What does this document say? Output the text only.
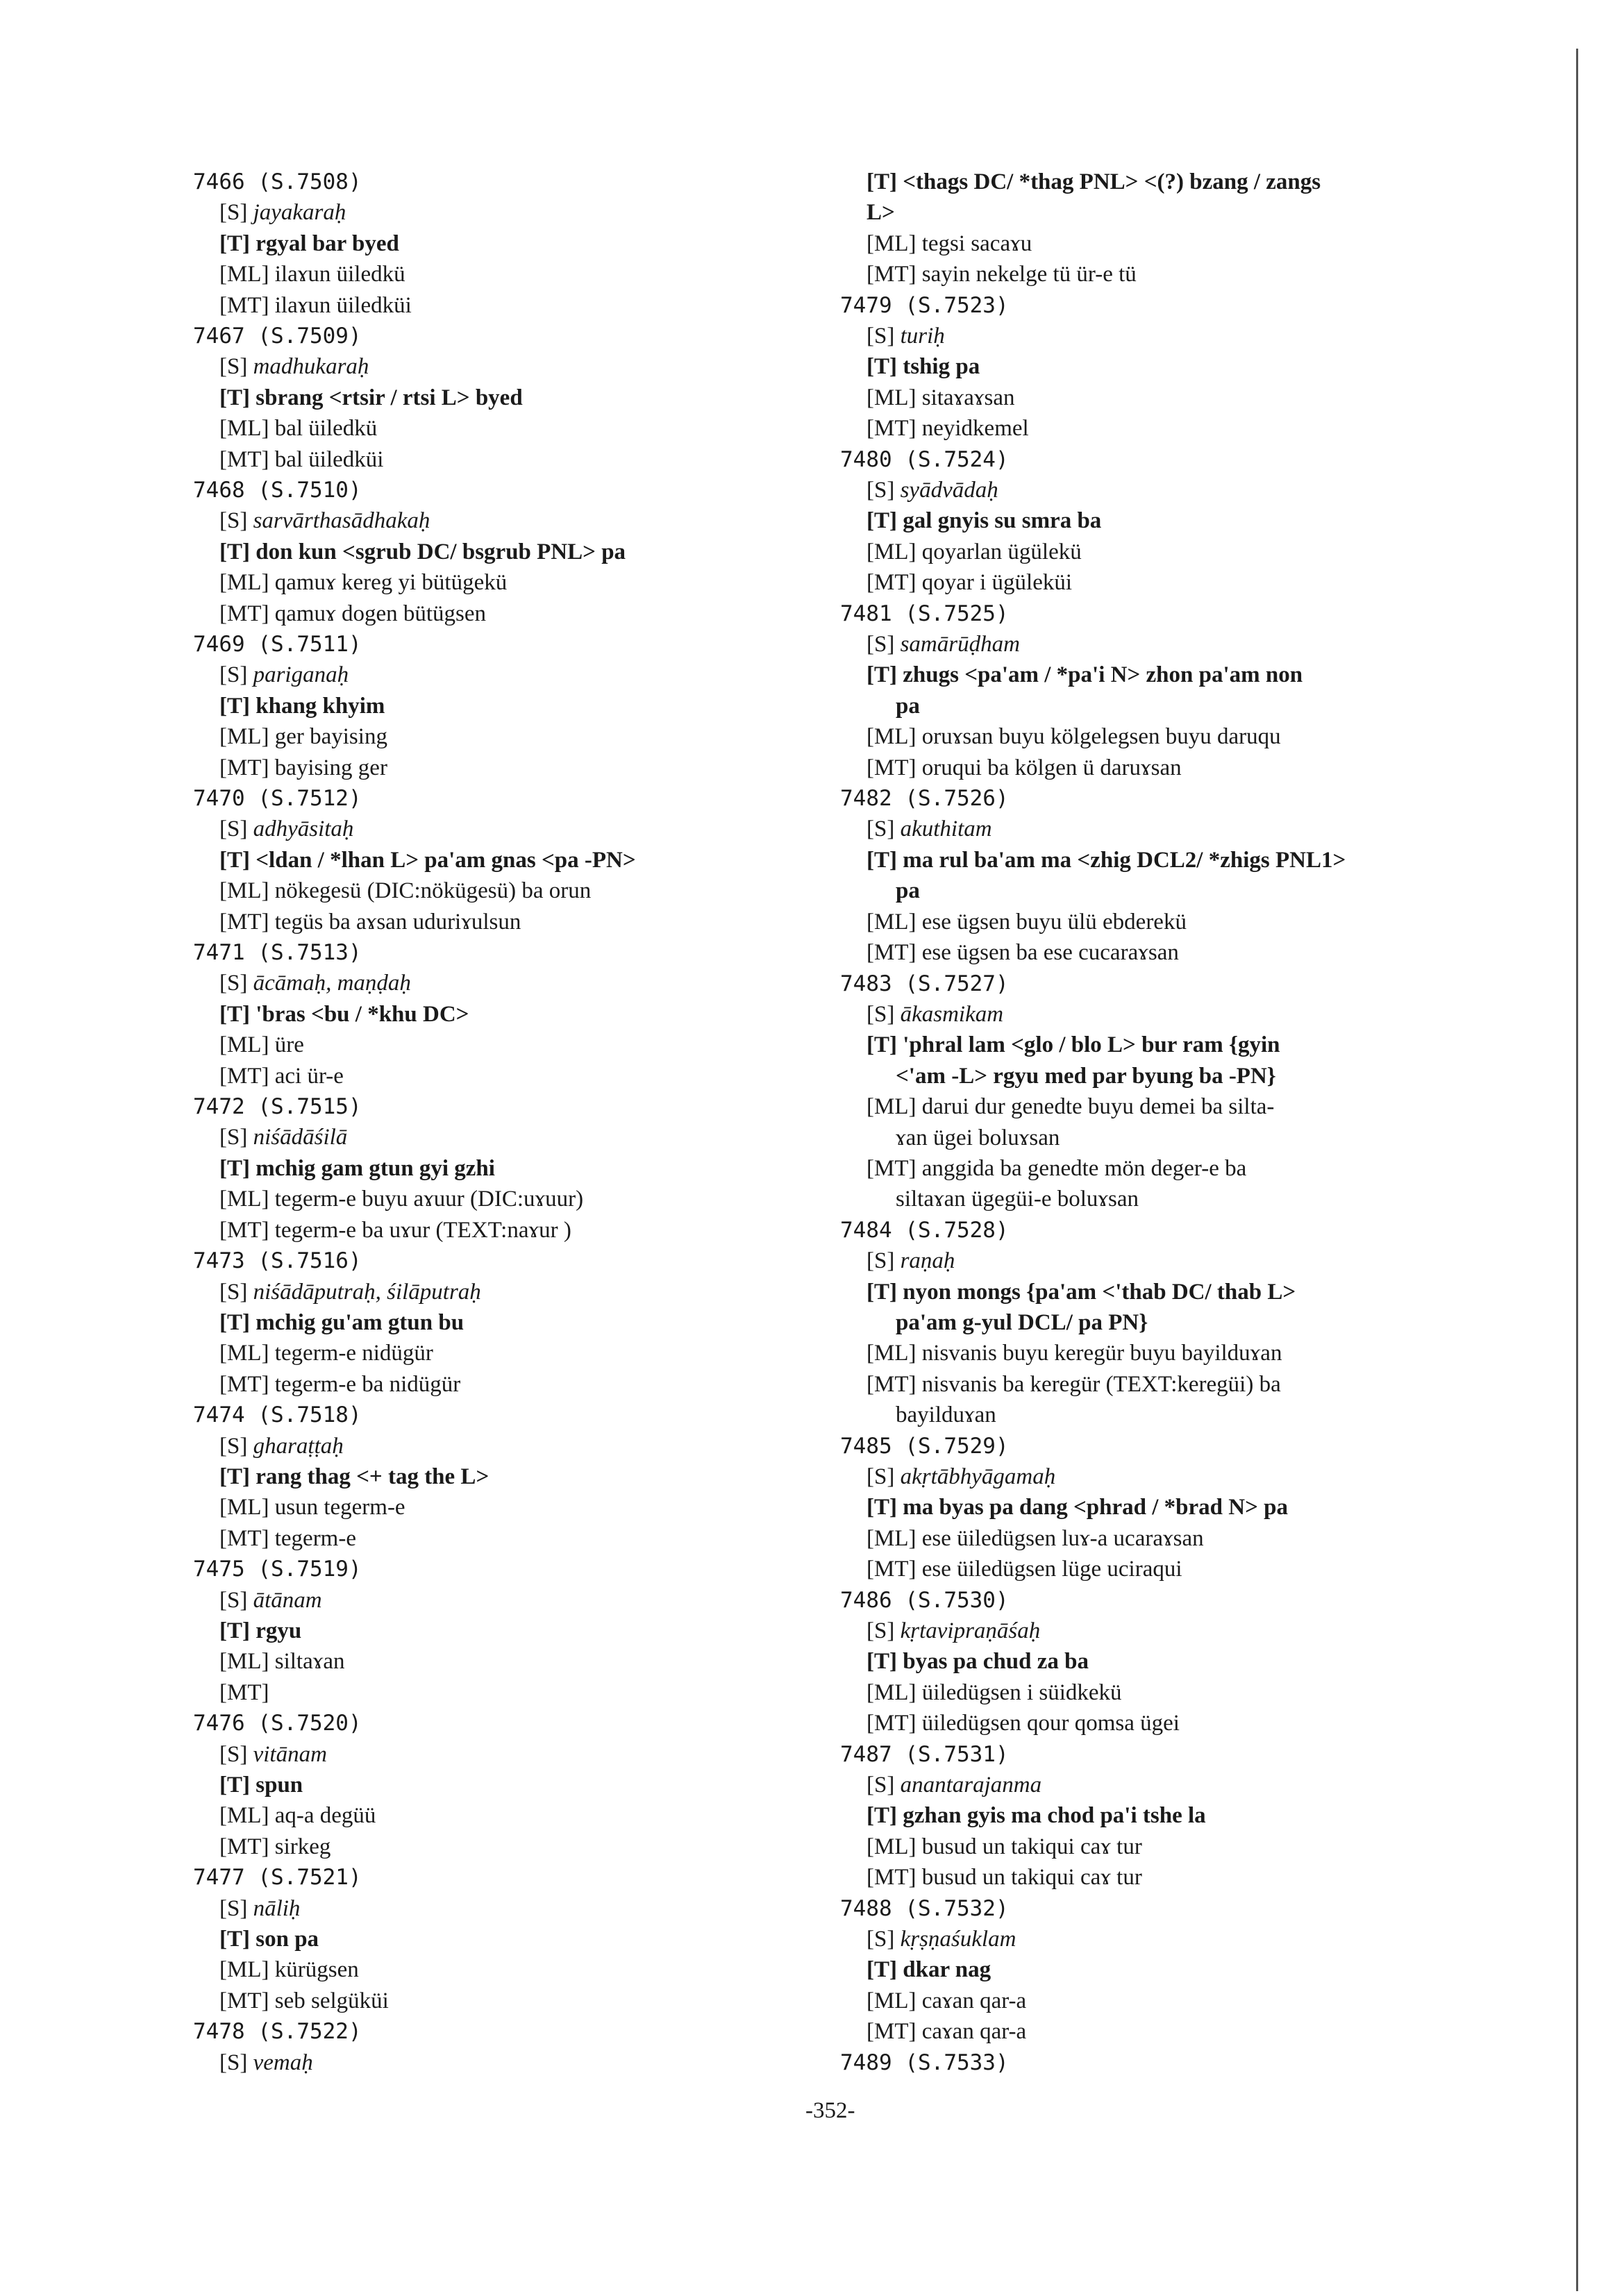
7466 (S.7508)
[S] jayakaraḥ
[T] rgyal bar byed
[ML] ilaɤun üiledkü
[MT] ilaɤun üiledküi
7467 (S.7509)
[S] madhukaraḥ
[T] sbrang <rtsir / rtsi L> byed
[ML] bal üiledkü
[MT] bal üiledküi
7468 (S.7510)
[S] sarvārthasādhakaḥ
[T] don kun <sgrub DC/ bsgrub PNL> pa
[ML] qamuɤ kereg yi bütügekü
[MT] qamuɤ dogen bütügsen
7469 (S.7511)
[S] pariganaḥ
[T] khang khyim
[ML] ger bayising
[MT] bayising ger
7470 (S.7512)
[S] adhyāsitaḥ
[T] <ldan / *lhan L> pa'am gnas <pa -PN>
[ML] nökegesü (DIC:nökügesü) ba orun
[MT] tegüs ba aɤsan uduriɤulsun
7471 (S.7513)
[S] ācāmaḥ, maṇḍaḥ
[T] 'bras <bu / *khu DC>
[ML] üre
[MT] aci ür-e
7472 (S.7515)
[S] niśādāśilā
[T] mchig gam gtun gyi gzhi
[ML] tegerm-e buyu aɤuur (DIC:uɤuur)
[MT] tegerm-e ba uɤur (TEXT:naɤur )
7473 (S.7516)
[S] niśādāputraḥ, śilāputraḥ
[T] mchig gu'am gtun bu
[ML] tegerm-e nidügür
[MT] tegerm-e ba nidügür
7474 (S.7518)
[S] gharaṭṭaḥ
[T] rang thag <+ tag the L>
[ML] usun tegerm-e
[MT] tegerm-e
7475 (S.7519)
[S] ātānam
[T] rgyu
[ML] siltaɤan
[MT]
7476 (S.7520)
[S] vitānam
[T] spun
[ML] aq-a degüü
[MT] sirkeg
7477 (S.7521)
[S] nāliḥ
[T] son pa
[ML] kürügsen
[MT] seb selgüküi
7478 (S.7522)
[S] vemaḥ
[T] <thags DC/ *thag PNL> <(?) bzang / zangs
L>
[ML] tegsi sacaɤu
[MT] sayin nekelge tü ür-e tü
7479 (S.7523)
[S] turiḥ
[T] tshig pa
[ML] sitaɤaɤsan
[MT] neyidkemel
7480 (S.7524)
[S] syādvādaḥ
[T] gal gnyis su smra ba
[ML] qoyarlan ügülekü
[MT] qoyar i ügüleküi
7481 (S.7525)
[S] samārūḍham
[T] zhugs <pa'am / *pa'i N> zhon pa'am non
pa
[ML] oruɤsan buyu kölgelegsen buyu daruqu
[MT] oruqui ba kölgen ü daruɤsan
7482 (S.7526)
[S] akuthitam
[T] ma rul ba'am ma <zhig DCL2/ *zhigs PNL1>
pa
[ML] ese ügsen buyu ülü ebderekü
[MT] ese ügsen ba ese cucaraɤsan
7483 (S.7527)
[S] ākasmikam
[T] 'phral lam <glo / blo L> bur ram {gyin
<'am -L> rgyu med par byung ba -PN}
[ML] darui dur genedte buyu demei ba silta-
ɤan ügei boluɤsan
[MT] anggida ba genedte mön deger-e ba
siltaɤan ügegüi-e boluɤsan
7484 (S.7528)
[S] raṇaḥ
[T] nyon mongs {pa'am <'thab DC/ thab L>
pa'am g-yul DCL/ pa PN}
[ML] nisvanis buyu keregür buyu bayilduɤan
[MT] nisvanis ba keregür (TEXT:keregüi) ba
bayilduɤan
7485 (S.7529)
[S] akṛtābhyāgamaḥ
[T] ma byas pa dang <phrad / *brad N> pa
[ML] ese üiledügsen luɤ-a ucaraɤsan
[MT] ese üiledügsen lüge uciraqui
7486 (S.7530)
[S] kṛtavipraṇāśaḥ
[T] byas pa chud za ba
[ML] üiledügsen i süidkekü
[MT] üiledügsen qour qomsa ügei
7487 (S.7531)
[S] anantarajanma
[T] gzhan gyis ma chod pa'i tshe la
[ML] busud un takiqui caɤ tur
[MT] busud un takiqui caɤ tur
7488 (S.7532)
[S] kṛṣṇaśuklam
[T] dkar nag
[ML] caɤan qar-a
[MT] caɤan qar-a
7489 (S.7533)
-352-
